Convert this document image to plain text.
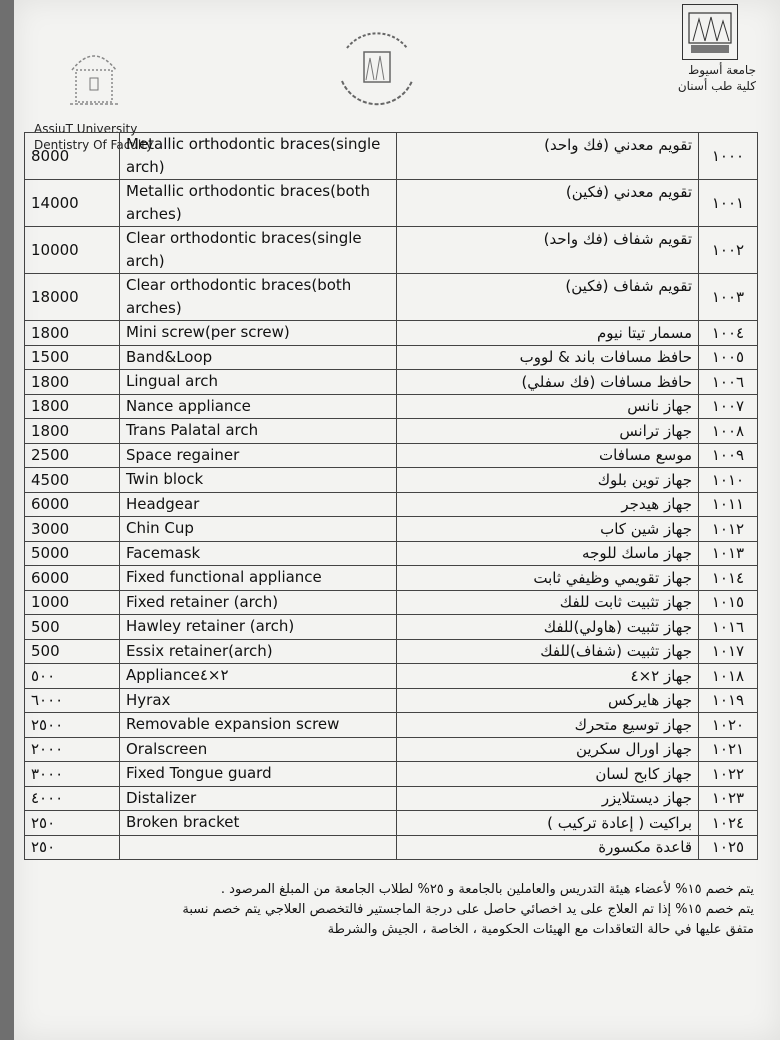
جامعة أسيوط
كلية طب أسنان
AssiuT University
Dentistry Of Faculty
8000	Metallic orthodontic braces(single arch)	تقويم معدني (فك واحد)	١٠٠٠
14000	Metallic orthodontic braces(both arches)	تقويم معدني (فكين)	١٠٠١
10000	Clear orthodontic braces(single arch)	تقويم شفاف (فك واحد)	١٠٠٢
18000	Clear orthodontic braces(both arches)	تقويم شفاف (فكين)	١٠٠٣
1800	Mini screw(per screw)	مسمار تيتا نيوم	١٠٠٤
1500	Band&Loop	حافظ مسافات باند & لووب	١٠٠٥
1800	Lingual arch	حافظ مسافات (فك سفلي)	١٠٠٦
1800	Nance appliance	جهاز نانس	١٠٠٧
1800	Trans Palatal arch	جهاز ترانس	١٠٠٨
2500	Space regainer	موسع مسافات	١٠٠٩
4500	Twin block	جهاز توين بلوك	١٠١٠
6000	Headgear	جهاز هيدجر	١٠١١
3000	Chin Cup	جهاز شين كاب	١٠١٢
5000	Facemask	جهاز ماسك للوجه	١٠١٣
6000	Fixed functional appliance	جهاز تقويمي وظيفي ثابت	١٠١٤
1000	Fixed retainer (arch)	جهاز تثبيت ثابت للفك	١٠١٥
500	Hawley retainer (arch)	جهاز تثبيت (هاولي)للفك	١٠١٦
500	Essix retainer(arch)	جهاز تثبيت (شفاف)للفك	١٠١٧
٥٠٠	Appliance٢×٤	جهاز ٢×٤	١٠١٨
٦٠٠٠	Hyrax	جهاز هايركس	١٠١٩
٢٥٠٠	Removable expansion screw	جهاز توسيع متحرك	١٠٢٠
٢٠٠٠	Oralscreen	جهاز اورال سكرين	١٠٢١
٣٠٠٠	Fixed Tongue guard	جهاز كابح لسان	١٠٢٢
٤٠٠٠	Distalizer	جهاز ديستلايزر	١٠٢٣
٢٥٠	Broken bracket	براكيت ( إعادة تركيب )	١٠٢٤
٢٥٠		قاعدة مكسورة	١٠٢٥

يتم خصم ١٥% لأعضاء هيئة التدريس والعاملين بالجامعة و ٢٥% لطلاب الجامعة من المبلغ المرصود .

يتم خصم ١٥% إذا تم العلاج على يد اخصائي حاصل على درجة الماجستير فالتخصص العلاجي يتم خصم نسبة

متفق عليها في حالة التعاقدات مع الهيئات الحكومية ، الخاصة ، الجيش والشرطة
